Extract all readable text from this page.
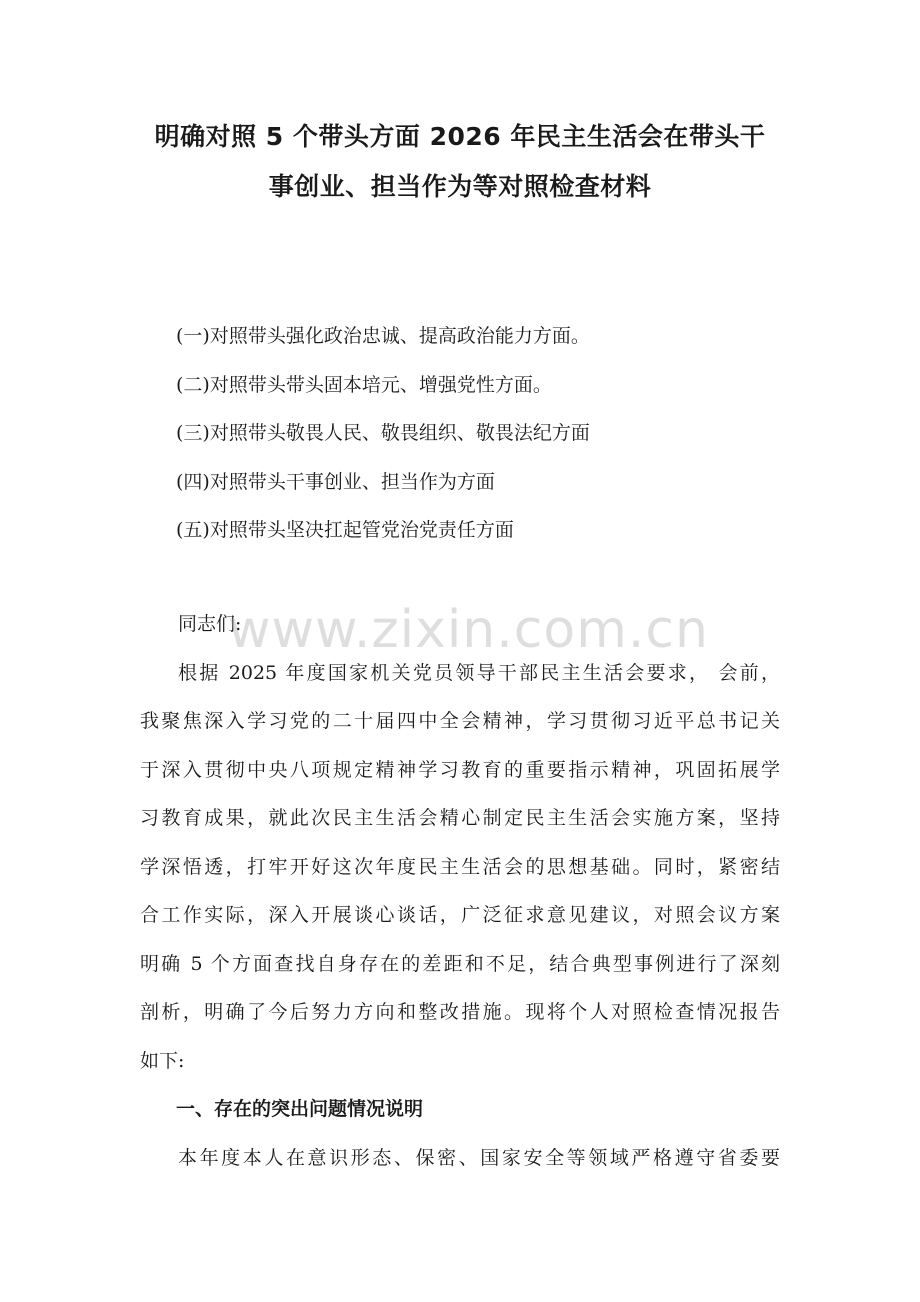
明确对照 5 个带头方面 2026 年民主生活会在带头干
事创业、担当作为等对照检查材料
(一)对照带头强化政治忠诚、提高政治能力方面。
(二)对照带头带头固本培元、增强党性方面。
(三)对照带头敬畏人民、敬畏组织、敬畏法纪方面
(四)对照带头干事创业、担当作为方面
(五)对照带头坚决扛起管党治党责任方面
同志们:
根据 2025 年度国家机关党员领导干部民主生活会要求， 会前，
我聚焦深入学习党的二十届四中全会精神，学习贯彻习近平总书记关
于深入贯彻中央八项规定精神学习教育的重要指示精神，巩固拓展学
习教育成果，就此次民主生活会精心制定民主生活会实施方案，坚持
学深悟透，打牢开好这次年度民主生活会的思想基础。同时，紧密结
合工作实际，深入开展谈心谈话，广泛征求意见建议，对照会议方案
明确 5 个方面查找自身存在的差距和不足，结合典型事例进行了深刻
剖析，明确了今后努力方向和整改措施。现将个人对照检查情况报告
如下:
一、存在的突出问题情况说明
本年度本人在意识形态、保密、国家安全等领域严格遵守省委要
www.zixin.com.cn
